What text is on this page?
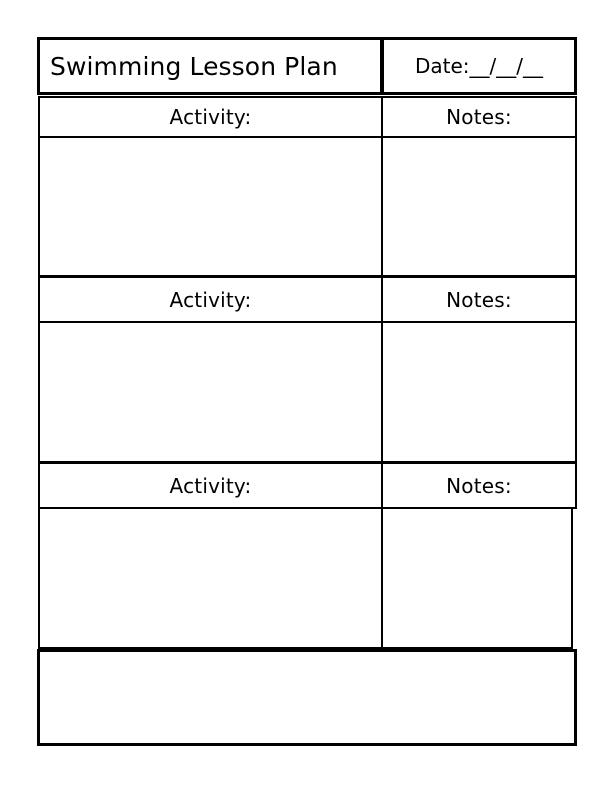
Swimming Lesson Plan	Date:__/__/__
Activity:	Notes:
Activity:	Notes:
Activity:	Notes:
